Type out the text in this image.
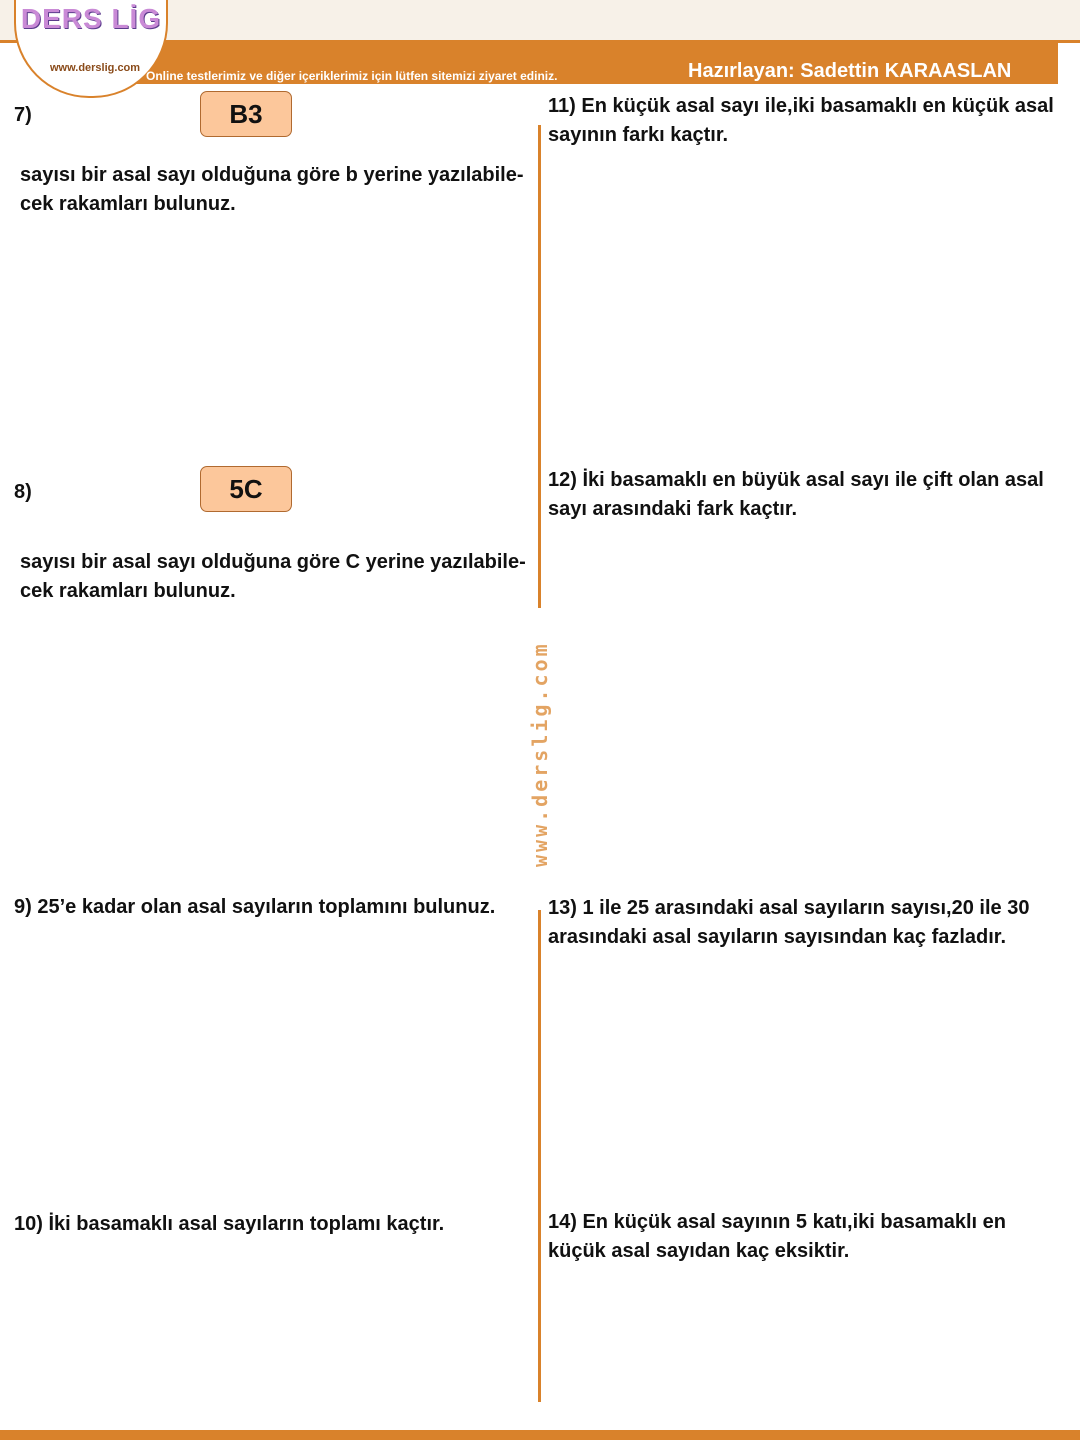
DERS LİG
www.derslig.com
Online testlerimiz ve diğer içeriklerimiz için lütfen sitemizi ziyaret ediniz.	Hazırlayan: Sadettin KARAASLAN
7)	B3
sayısı bir asal sayı olduğuna göre b yerine yazılabile-cek rakamları bulunuz.
8)	5C
sayısı bir asal sayı olduğuna göre C yerine yazılabile-cek rakamları bulunuz.
9) 25’e kadar olan asal sayıların toplamını bulunuz.
10) İki basamaklı asal sayıların toplamı kaçtır.
11) En küçük asal sayı ile,iki basamaklı en küçük asal sayının farkı kaçtır.
12) İki basamaklı en büyük asal sayı ile çift olan asal sayı arasındaki fark kaçtır.
13) 1 ile 25 arasındaki asal sayıların sayısı,20 ile 30 arasındaki asal sayıların sayısından kaç fazladır.
14) En küçük asal sayının 5 katı,iki basamaklı en küçük asal sayıdan kaç eksiktir.
www.derslig.com
